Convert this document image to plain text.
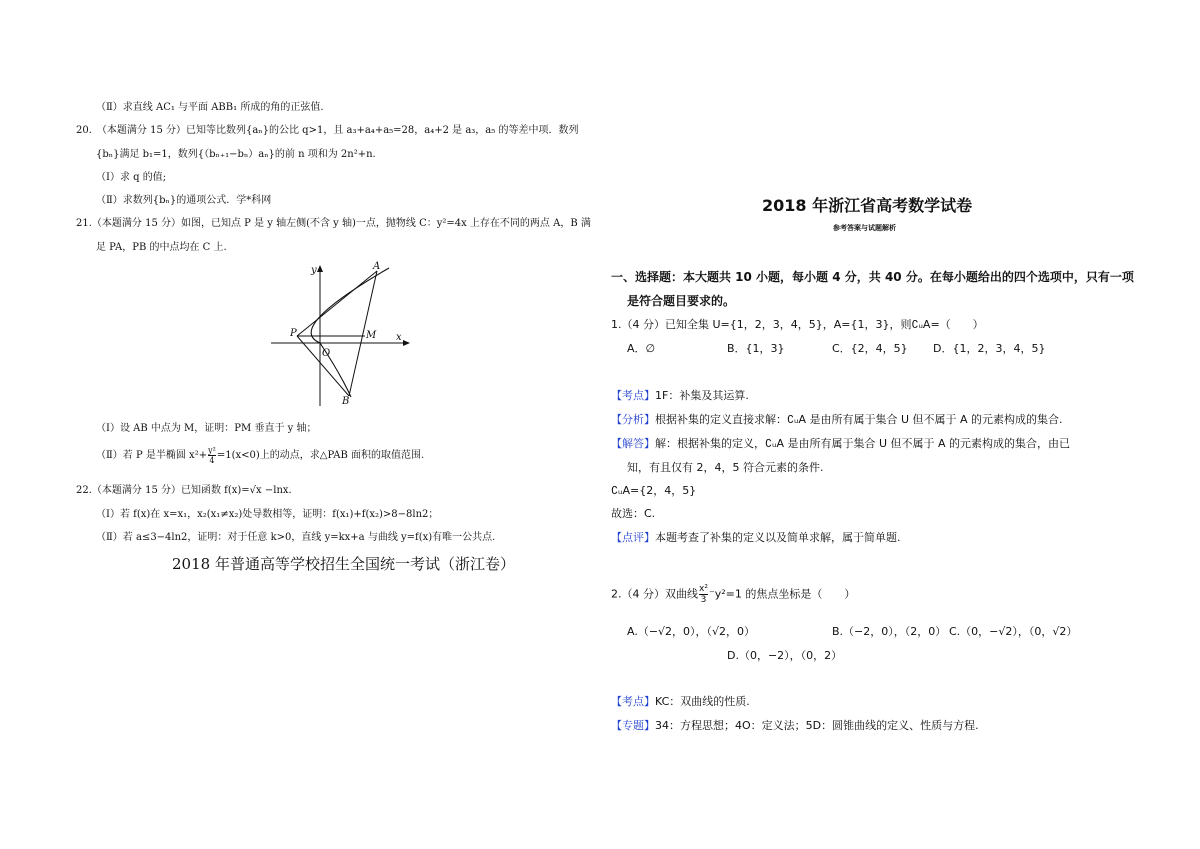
（Ⅱ）求直线 AC₁ 与平面 ABB₁ 所成的角的正弦值.
20.　（本题满分 15 分）已知等比数列{aₙ}的公比 q>1，且 a₃+a₄+a₅=28，a₄+2 是 a₃，a₅ 的等差中项．数列
{bₙ}满足 b₁=1，数列{（bₙ₊₁−bₙ）aₙ}的前 n 项和为 2n²+n.
（Ⅰ）求 q 的值;
（Ⅱ）求数列{bₙ}的通项公式．学*科网
21.（本题满分 15 分）如图，已知点 P 是 y 轴左侧(不含 y 轴)一点，抛物线 C：y²=4x 上存在不同的两点 A，B 满
足 PA，PB 的中点均在 C 上.
y
x
A
B
P	M
O
（Ⅰ）设 AB 中点为 M，证明：PM 垂直于 y 轴；
（Ⅱ）若 P 是半椭圆 $x^2+ \frac{\text{y²}}{4} =1(x<0)$上的动点，求△PAB 面积的取值范围.
22.（本题满分 15 分）已知函数 f(x)=√x −lnx.
（Ⅰ）若 f(x)在 x=x₁，x₂(x₁≠x₂)处导数相等，证明：f(x₁)+f(x₂)>8−8ln2；
（Ⅱ）若 a≤3−4ln2，证明：对于任意 k>0，直线 y=kx+a 与曲线 y=f(x)有唯一公共点.
2018 年普通高等学校招生全国统一考试（浙江卷）
2018 年浙江省高考数学试卷
参考答案与试题解析
一、选择题：本大题共 10 小题，每小题 4 分，共 40 分。在每小题给出的四个选项中，只有一项
是符合题目要求的。
1.（4 分）已知全集 U={1，2，3，4，5}，A={1，3}，则∁ᵤA=（　　）
A．∅	B．{1，3}	C．{2，4，5} D．{1，2，3，4，5}
【考点】1F：补集及其运算.
【分析】根据补集的定义直接求解：∁ᵤA 是由所有属于集合 U 但不属于 A 的元素构成的集合.
【解答】解：根据补集的定义，∁ᵤA 是由所有属于集合 U 但不属于 A 的元素构成的集合，由已
知，有且仅有 2，4，5 符合元素的条件.
∁ᵤA={2，4，5}
故选：C.
【点评】本题考查了补集的定义以及简单求解，属于简单题.
2.（4 分）双曲线 $\frac{\text{x²}}{3} ^-y^2=1$ 的焦点坐标是（　　）
A.（−√2，0），（√2，0）	B.（−2，0），（2，0） C.（0，−√2），（0，√2）
D.（0，−2），（0，2）
【考点】KC：双曲线的性质.
【专题】34：方程思想；4O：定义法；5D：圆锥曲线的定义、性质与方程.
